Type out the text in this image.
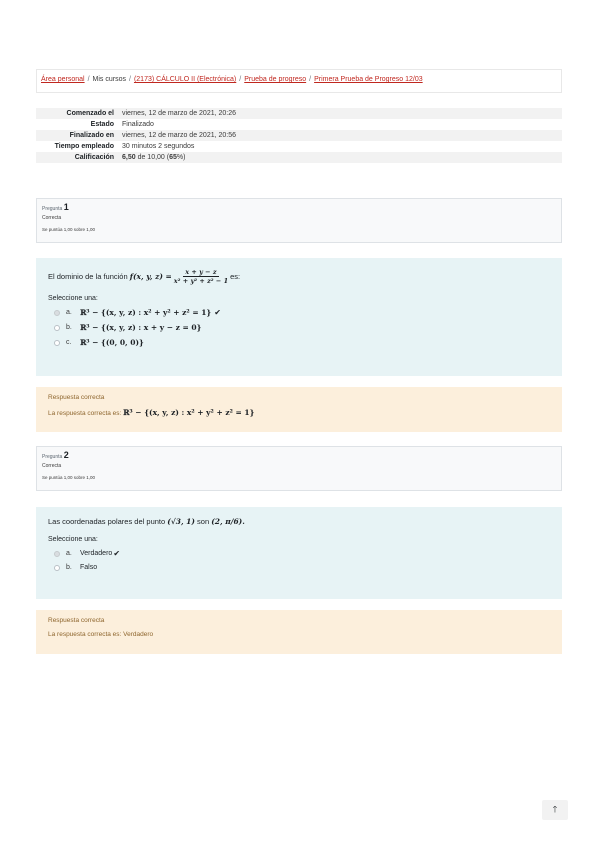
Área personal / Mis cursos / (2173) CÁLCULO II (Electrónica) / Prueba de progreso / Primera Prueba de Progreso 12/03
Comenzado el	viernes, 12 de marzo de 2021, 20:26
Estado	Finalizado
Finalizado en	viernes, 12 de marzo de 2021, 20:56
Tiempo empleado	30 minutos 2 segundos
Calificación	6,50 de 10,00 (65%)
Pregunta 1
Correcta
Se puntúa 1,00 sobre 1,00
El dominio de la función
f(x, y, $z) = \frac{x + y - z}{\text{x² + y² + z² − 1}}$ es:
Seleccione una:
a.	ℝ³ − {(x, y, z) : x² + y² + z² = 1} ✔
b.	ℝ³ − {(x, y, z) : x + y − z = 0}
c.	ℝ³ − {(0, 0, 0)}
Respuesta correcta
La respuesta correcta es: ℝ³ − {(x, y, z) : x² + y² + z² = 1}
Pregunta 2
Correcta
Se puntúa 1,00 sobre 1,00
Las coordenadas polares del punto (√3, 1) son (2, π/6).
Seleccione una:
a.	Verdadero ✔
b.	Falso
Respuesta correcta
La respuesta correcta es: Verdadero
🡑
